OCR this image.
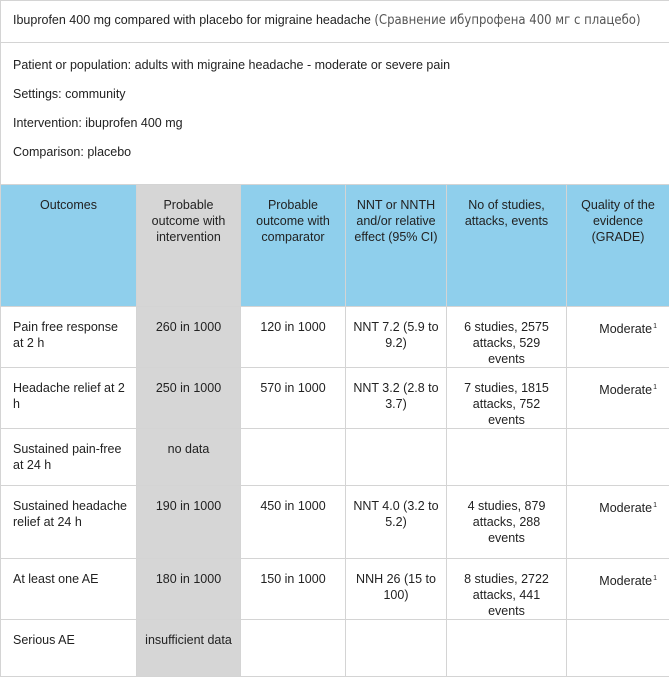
Ibuprofen 400 mg compared with placebo for migraine headache (Сравнение ибупрофена 400 мг с плацебо)					

Patient or population: adults with migraine headache - moderate or severe pain

Settings: community

Intervention: ibuprofen 400 mg

Comparison: placebo					

Outcomes	Probable outcome with intervention	Probable outcome with comparator	NNT or NNTH and/or relative effect (95% CI)	No of studies, attacks, events	Quality of the evidence (GRADE)
Pain free response at 2 h	260 in 1000	120 in 1000	NNT 7.2 (5.9 to 9.2)	6 studies, 2575 attacks, 529 events	Moderate$^1$
Headache relief at 2 h	250 in 1000	570 in 1000	NNT 3.2 (2.8 to 3.7)	7 studies, 1815 attacks, 752 events	Moderate$^1$
Sustained pain-free at 24 h	no data				
Sustained headache relief at 24 h	190 in 1000	450 in 1000	NNT 4.0 (3.2 to 5.2)	4 studies, 879 attacks, 288 events	Moderate$^1$
At least one AE	180 in 1000	150 in 1000	NNH 26 (15 to 100)	8 studies, 2722 attacks, 441 events	Moderate$^1$
Serious AE	insufficient data				
